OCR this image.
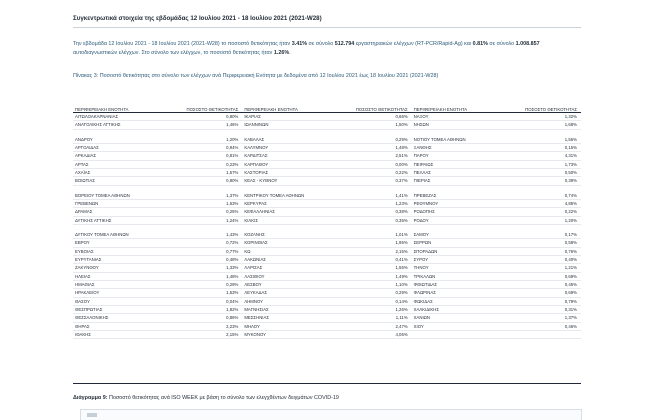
Συγκεντρωτικά στοιχεία της εβδομάδας 12 Ιουλίου 2021 - 18 Ιουλίου 2021 (2021-W28)
Την εβδομάδα 12 Ιουλίου 2021 - 18 Ιουλίου 2021 (2021-W28) το ποσοστό θετικότητας ήταν 3.41% σε σύνολο 512.794 εργαστηριακών ελέγχων (RT-PCR/Rapid-Ag) και 0.81% σε σύνολο 1.008.857 αυτοδιαγνωστικών ελέγχων. Στο σύνολο των ελέγχων, το ποσοστό θετικότητας ήταν 1.26%.
Πίνακας 3: Ποσοστό θετικότητας στο σύνολο των ελέγχων ανά Περιφερειακή Ενότητα με δεδομένα από 12 Ιουλίου 2021 έως 18 Ιουλίου 2021 (2021-W28)
ΠΕΡΙΦΕΡΕΙΑΚΗ ΕΝΟΤΗΤΑ	ΠΟΣΟΣΤΟ ΘΕΤΙΚΟΤΗΤΑΣ	ΠΕΡΙΦΕΡΕΙΑΚΗ ΕΝΟΤΗΤΑ	ΠΟΣΟΣΤΟ ΘΕΤΙΚΟΤΗΤΑΣ	ΠΕΡΙΦΕΡΕΙΑΚΗ ΕΝΟΤΗΤΑ	ΠΟΣΟΣΤΟ ΘΕΤΙΚΟΤΗΤΑΣ
ΑΙΤΩΛΟΑΚΑΡΝΑΝΙΑΣ	0,80%	ΙΚΑΡΙΑΣ	0,66%	ΝΑΞΟΥ	1,32%
ΑΝΑΤΟΛΙΚΗΣ ΑΤΤΙΚΗΣ	1,46%	ΙΩΑΝΝΙΝΩΝ	1,50%	ΝΗΣΩΝ	1,68%
ΑΝΔΡΟΥ	1,20%	ΚΑΒΑΛΑΣ	0,29%	ΝΟΤΙΟΥ ΤΟΜΕΑ ΑΘΗΝΩΝ	1,56%
ΑΡΓΟΛΙΔΑΣ	0,94%	ΚΑΛΥΜΝΟΥ	1,48%	ΞΑΝΘΗΣ	0,15%
ΑΡΚΑΔΙΑΣ	0,81%	ΚΑΡΔΙΤΣΑΣ	2,51%	ΠΑΡΟΥ	4,31%
ΑΡΤΑΣ	0,23%	ΚΑΡΠΑΘΟΥ	0,00%	ΠΕΙΡΑΙΩΣ	1,73%
ΑΧΑΪΑΣ	1,57%	ΚΑΣΤΟΡΙΑΣ	0,22%	ΠΕΛΛΑΣ	0,50%
ΒΟΙΩΤΙΑΣ	0,80%	ΚΕΑΣ - ΚΥΘΝΟΥ	0,37%	ΠΙΕΡΙΑΣ	0,39%
ΒΟΡΕΙΟΥ ΤΟΜΕΑ ΑΘΗΝΩΝ	1,37%	ΚΕΝΤΡΙΚΟΥ ΤΟΜΕΑ ΑΘΗΝΩΝ	1,41%	ΠΡΕΒΕΖΑΣ	0,74%
ΓΡΕΒΕΝΩΝ	1,63%	ΚΕΡΚΥΡΑΣ	1,23%	ΡΕΘΥΜΝΟΥ	4,85%
ΔΡΑΜΑΣ	0,25%	ΚΕΦΑΛΛΗΝΙΑΣ	0,38%	ΡΟΔΟΠΗΣ	0,22%
ΔΥΤΙΚΗΣ ΑΤΤΙΚΗΣ	1,24%	ΚΙΛΚΙΣ	0,35%	ΡΟΔΟΥ	1,20%
ΔΥΤΙΚΟΥ ΤΟΜΕΑ ΑΘΗΝΩΝ	1,43%	ΚΟΖΑΝΗΣ	1,01%	ΣΑΜΟΥ	0,17%
ΕΒΡΟΥ	0,72%	ΚΟΡΙΝΘΙΑΣ	1,95%	ΣΕΡΡΩΝ	0,58%
ΕΥΒΟΙΑΣ	0,77%	ΚΩ	2,15%	ΣΠΟΡΑΔΩΝ	0,76%
ΕΥΡΥΤΑΝΙΑΣ	0,48%	ΛΑΚΩΝΙΑΣ	0,41%	ΣΥΡΟΥ	0,40%
ΖΑΚΥΝΘΟΥ	1,33%	ΛΑΡΙΣΑΣ	1,55%	ΤΗΝΟΥ	1,21%
ΗΛΕΙΑΣ	1,48%	ΛΑΣΙΘΙΟΥ	1,49%	ΤΡΙΚΑΛΩΝ	0,69%
ΗΜΑΘΙΑΣ	0,29%	ΛΕΣΒΟΥ	1,10%	ΦΘΙΩΤΙΔΑΣ	0,45%
ΗΡΑΚΛΕΙΟΥ	1,53%	ΛΕΥΚΑΔΑΣ	0,29%	ΦΛΩΡΙΝΑΣ	0,69%
ΘΑΣΟΥ	0,04%	ΛΗΜΝΟΥ	0,14%	ΦΩΚΙΔΑΣ	0,79%
ΘΕΣΠΡΩΤΙΑΣ	1,82%	ΜΑΓΝΗΣΙΑΣ	1,26%	ΧΑΛΚΙΔΙΚΗΣ	0,31%
ΘΕΣΣΑΛΟΝΙΚΗΣ	0,86%	ΜΕΣΣΗΝΙΑΣ	1,11%	ΧΑΝΙΩΝ	1,37%
ΘΗΡΑΣ	2,23%	ΜΗΛΟΥ	2,47%	ΧΙΟΥ	0,46%
ΙΘΑΚΗΣ	2,15%	ΜΥΚΟΝΟΥ	4,06%
Διάγραμμα 9: Ποσοστό θετικότητας ανά ISO WEEK με βάση το σύνολο των ελεγχθέντων δειγμάτων COVID-19
